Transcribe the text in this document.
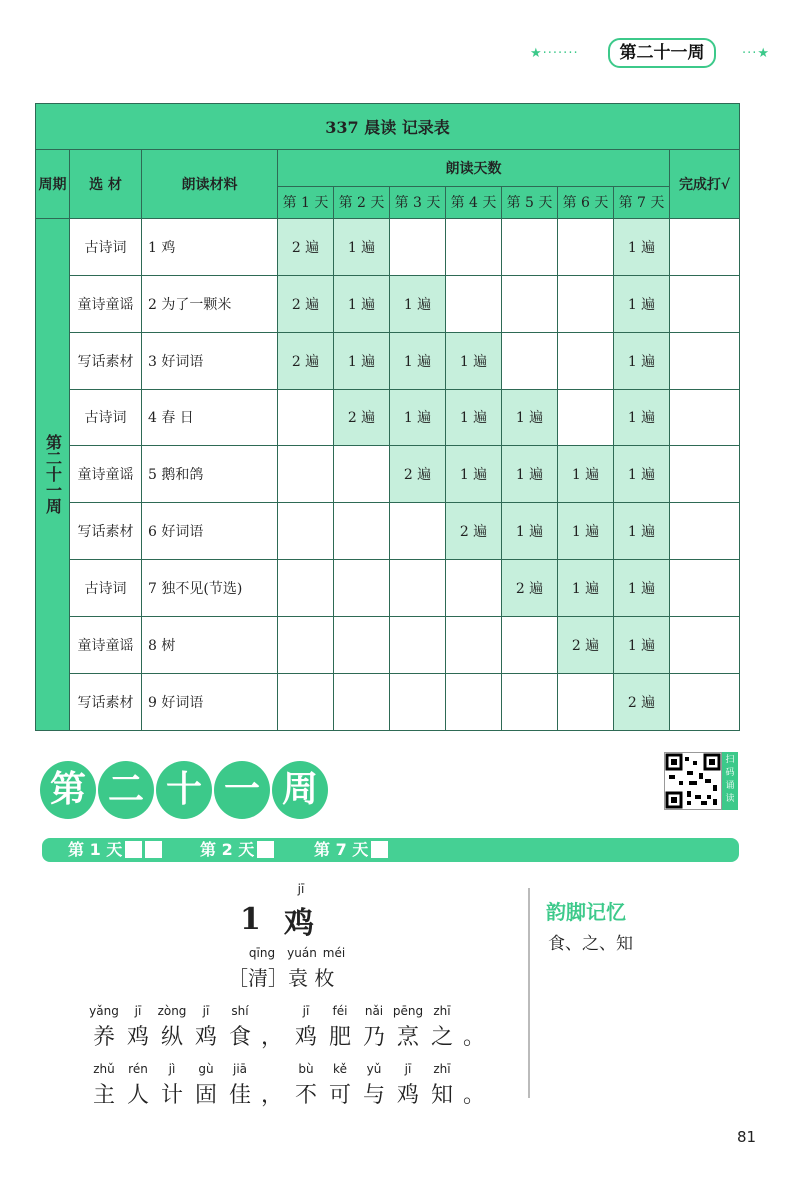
★·······	第二十一周	···★
337 晨读 记录表										
周期	选 材	朗读材料	朗读天数							完成打√
			第 1 天	第 2 天	第 3 天	第 4 天	第 5 天	第 6 天	第 7 天	
第二十一周	古诗词	1 鸡	2 遍	1 遍					1 遍	
	童诗童谣	2 为了一颗米	2 遍	1 遍	1 遍				1 遍	
	写话素材	3 好词语	2 遍	1 遍	1 遍	1 遍			1 遍	
	古诗词	4 春 日		2 遍	1 遍	1 遍	1 遍		1 遍	
	童诗童谣	5 鹅和鸽			2 遍	1 遍	1 遍	1 遍	1 遍	
	写话素材	6 好词语				2 遍	1 遍	1 遍	1 遍	
	古诗词	7 独不见(节选)					2 遍	1 遍	1 遍	
	童诗童谣	8 树						2 遍	1 遍	
	写话素材	9 好词语							2 遍	
第 二 十 一 周
扫码诵读
第 1 天	第 2 天	第 7 天
1
jī
鸡
qīng yuán méi
［清］袁 枚
yǎng
养
jī
鸡
zòng
纵
jī
鸡
shí
食 ，
jī
鸡
féi
肥
nǎi
乃
pēng
烹
zhī
之 。
zhǔ
主
rén
人
jì
计
gù
固
jiā
佳 ，
bù
不
kě
可
yǔ
与
jī
鸡
zhī
知 。
韵脚记忆
食、之、知
81
